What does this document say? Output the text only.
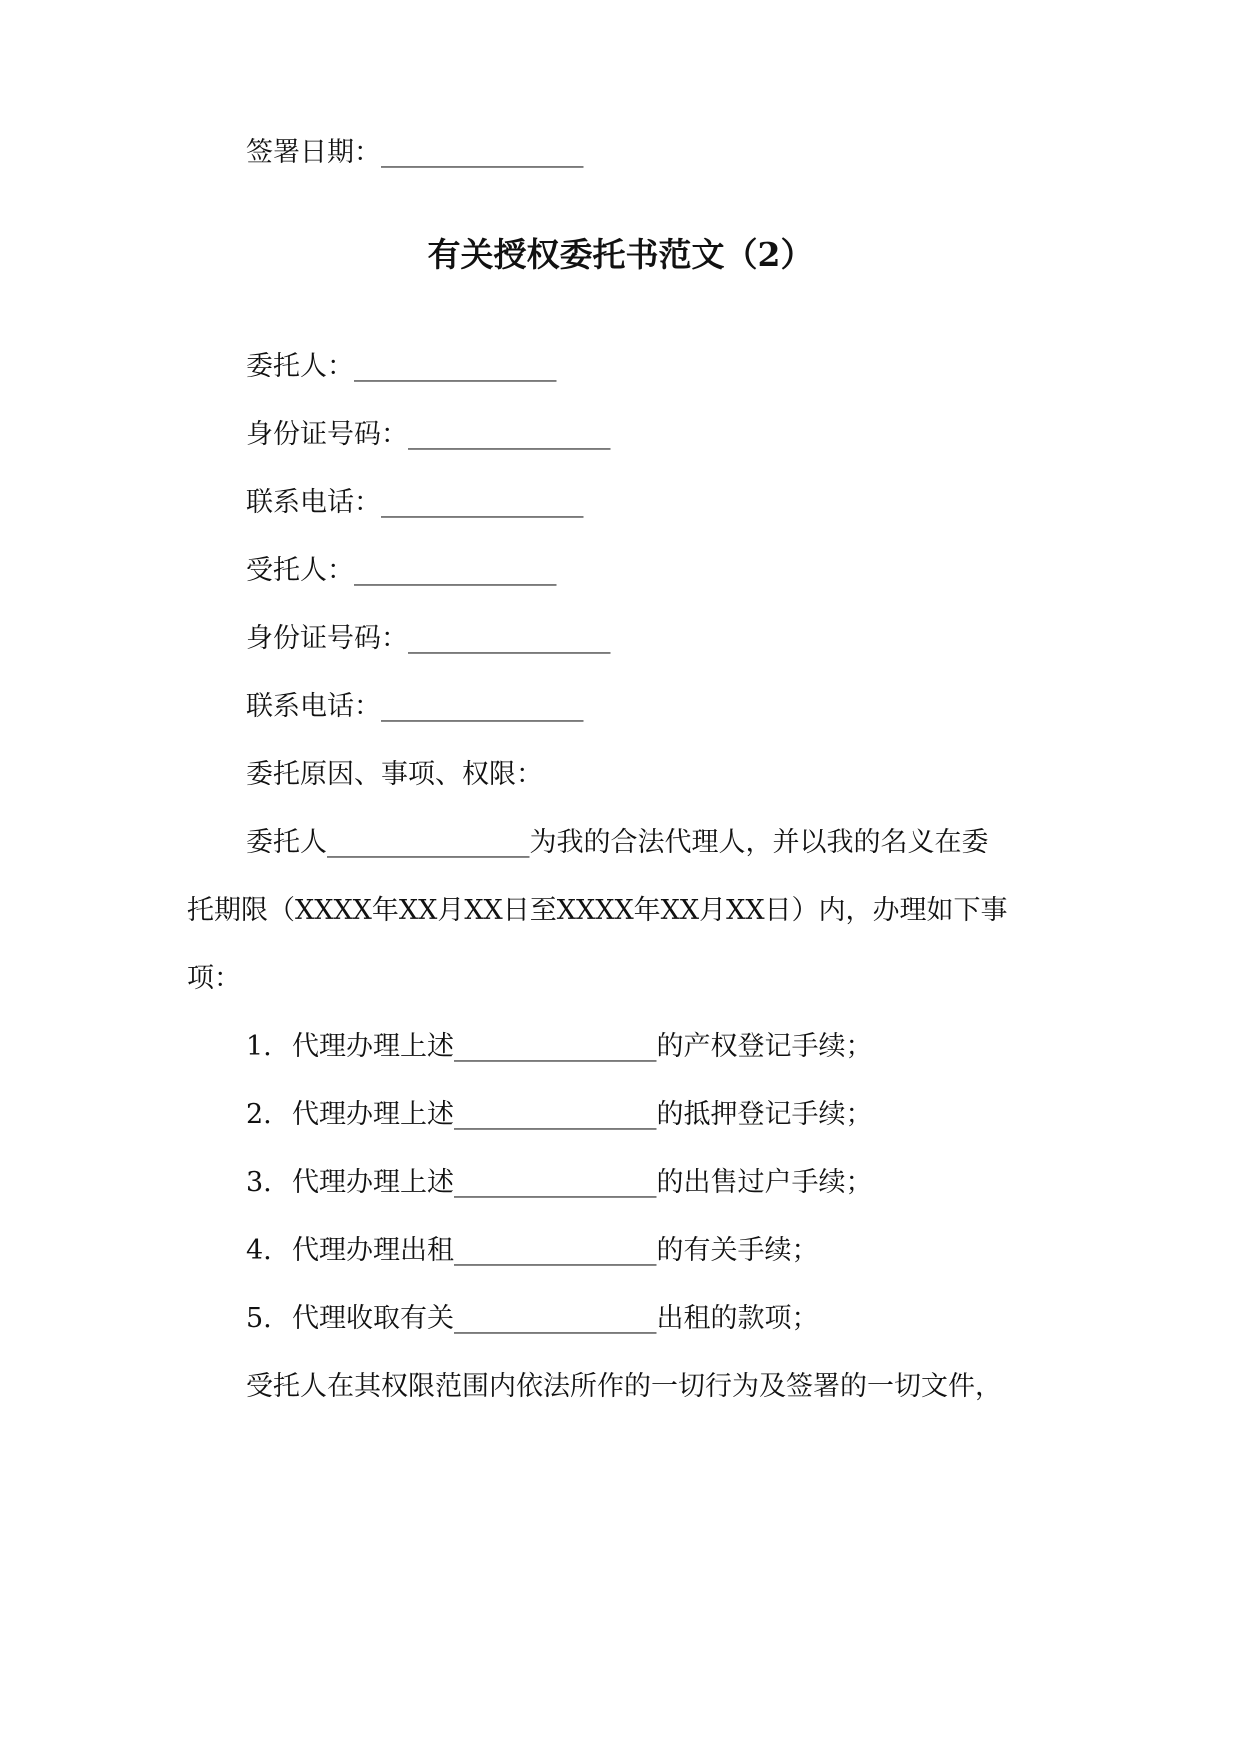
签署日期：_______________
有关授权委托书范文（2）
委托人：_______________
身份证号码：_______________
联系电话：_______________
受托人：_______________
身份证号码：_______________
联系电话：_______________
委托原因、事项、权限：
委托人_______________为我的合法代理人，并以我的名义在委
托期限（XXXX年XX月XX日至XXXX年XX月XX日）内，办理如下事
项：
1. 代理办理上述_______________的产权登记手续；
2. 代理办理上述_______________的抵押登记手续；
3. 代理办理上述_______________的出售过户手续；
4. 代理办理出租_______________的有关手续；
5. 代理收取有关_______________出租的款项；
受托人在其权限范围内依法所作的一切行为及签署的一切文件，
